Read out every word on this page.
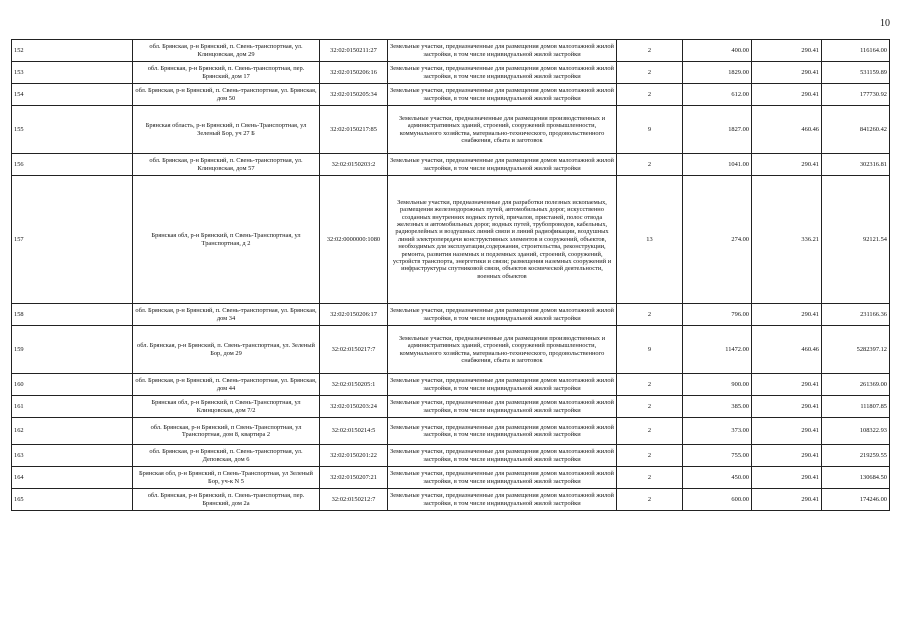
10
152	обл. Брянская, р-н Брянский, п. Свень-транспортная, ул. Клинцовская, дом 29	32:02:0150211:27	Земельные участки, предназначенные для размещения домов малоэтажной жилой застройки, в том числе индивидуальной жилой застройки	2	400.00	290.41	116164.00
153	обл. Брянская, р-н Брянский, п. Свень-транспортная, пер. Брянский, дом 17	32:02:0150206:16	Земельные участки, предназначенные для размещения домов малоэтажной жилой застройки, в том числе индивидуальной жилой застройки	2	1829.00	290.41	531159.89
154	обл. Брянская, р-н Брянский, п. Свень-транспортная, ул. Брянская, дом 50	32:02:0150205:34	Земельные участки, предназначенные для размещения домов малоэтажной жилой застройки, в том числе индивидуальной жилой застройки	2	612.00	290.41	177730.92
155	Брянская область, р-н Брянский, п Свень-Транспортная, ул Зеленый Бор, уч 27 Б	32:02:0150217:85	Земельные участки, предназначенные для размещения производственных и административных зданий, строений, сооружений промышленности, коммунального хозяйства, материально-технического, продовольственного снабжения, сбыта и заготовок	9	1827.00	460.46	841260.42
156	обл. Брянская, р-н Брянский, п. Свень-транспортная, ул. Клинцовская, дом 57	32:02:0150203:2	Земельные участки, предназначенные для размещения домов малоэтажной жилой застройки, в том числе индивидуальной жилой застройки	2	1041.00	290.41	302316.81
157	Брянская обл, р-н Брянский, п Свень-Транспортная, ул Транспортная, д 2	32:02:0000000:1080	Земельные участки, предназначенные для разработки полезных ископаемых, размещения железнодорожных путей, автомобильных дорог, искусственно созданных внутренних водных путей, причалов, пристаней, полос отвода железных и автомобильных дорог, водных путей, трубопроводов, кабельных, радиорелейных и воздушных линий связи и линий радиофикации, воздушных линий электропередачи конструктивных элементов и сооружений, объектов, необходимых для эксплуатации,содержания, строительства, реконструкции, ремонта, развития наземных и подземных зданий, строений, сооружений, устройств транспорта, энергетики и связи; размещения наземных сооружений и инфраструктуры спутниковой связи, объектов космической деятельности, военных объектов	13	274.00	336.21	92121.54
158	обл. Брянская, р-н Брянский, п. Свень-транспортная, ул. Брянская, дом 34	32:02:0150206:17	Земельные участки, предназначенные для размещения домов малоэтажной жилой застройки, в том числе индивидуальной жилой застройки	2	796.00	290.41	231166.36
159	обл. Брянская, р-н Брянский, п. Свень-транспортная, ул. Зеленый Бор, дом 29	32:02:0150217:7	Земельные участки, предназначенные для размещения производственных и административных зданий, строений, сооружений промышленности, коммунального хозяйства, материально-технического, продовольственного снабжения, сбыта и заготовок	9	11472.00	460.46	5282397.12
160	обл. Брянская, р-н Брянский, п. Свень-транспортная, ул. Брянская, дом 44	32:02:0150205:1	Земельные участки, предназначенные для размещения домов малоэтажной жилой застройки, в том числе индивидуальной жилой застройки	2	900.00	290.41	261369.00
161	Брянская обл, р-н Брянский, п Свень-Транспортная, ул Клинцовская, дом 7/2	32:02:0150203:24	Земельные участки, предназначенные для размещения домов малоэтажной жилой застройки, в том числе индивидуальной жилой застройки	2	385.00	290.41	111807.85
162	обл. Брянская, р-н Брянский, п Свень-Транспортная, ул Транспортная, дом 8, квартира 2	32:02:0150214:5	Земельные участки, предназначенные для размещения домов малоэтажной жилой застройки, в том числе индивидуальной жилой застройки	2	373.00	290.41	108322.93
163	обл. Брянская, р-н Брянский, п. Свень-транспортная, ул. Деповская, дом 6	32:02:0150201:22	Земельные участки, предназначенные для размещения домов малоэтажной жилой застройки, в том числе индивидуальной жилой застройки	2	755.00	290.41	219259.55
164	Брянская обл, р-н Брянский, п Свень-Транспортная, ул Зеленый Бор, уч-к N 5	32:02:0150207:21	Земельные участки, предназначенные для размещения домов малоэтажной жилой застройки, в том числе индивидуальной жилой застройки	2	450.00	290.41	130684.50
165	обл. Брянская, р-н Брянский, п. Свень-транспортная, пер. Брянский, дом 2а	32:02:0150212:7	Земельные участки, предназначенные для размещения домов малоэтажной жилой застройки, в том числе индивидуальной жилой застройки	2	600.00	290.41	174246.00
